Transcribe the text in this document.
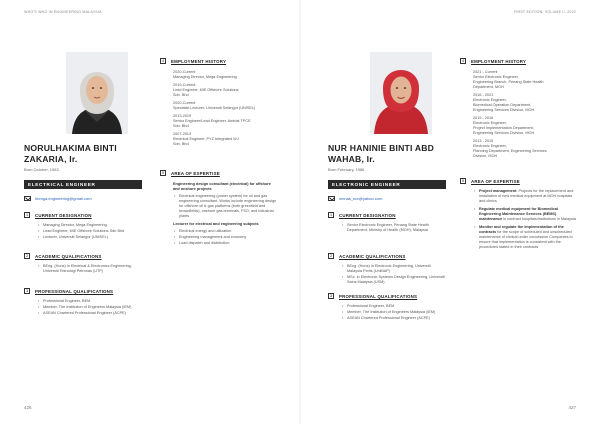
WHO'S WHO IN ENGINEERING MALAYSIA
NORULHAKIMA BINTI ZAKARIA, Ir.
Born October, 1983
ELECTRICAL ENGINEER
hbmga.engineering@gmail.com
1	CURRENT DESIGNATION
• Managing Director, Mega Engineering
• Lead Engineer, MIE Offshore Solutions Sdn Bhd
• Lecturer, Universiti Selangor (UNISEL)
2	ACADEMIC QUALIFICATIONS
• BEng. (Hons) in Electrical & Electronics Engineering, Universiti Teknologi Petronas (UTP)
3	PROFESSIONAL QUALIFICATIONS
• Professional Engineer, BEM
• Member, The Institution of Engineers Malaysia (IEM)
• ASEAN Chartered Professional Engineer (ACPE)
4	EMPLOYMENT HISTORY
2020-Current
Managing Director, Mega Engineering
2019-Current
Lead Engineer, MIE Offshore Solutions
Sdn. Bhd
2020-Current
Specialist Lecturer, Universiti Selangor (UNISEL)
2013-2019
Senior Engineer/Lead Engineer, Amirlat TPCE
Sdn. Bhd
2007-2013
Electrical Engineer, PYZ Integrated WJ
Sdn. Bhd
5	AREA OF EXPERTISE
Engineering design consultant (electrical) for offshore and onshore projects
• Electrical engineering (power system) for oil and gas engineering consultant. Works include engineering design for offshore oil & gas platforms (both greenfield and brownfields), onshore gas terminals, FSO, and industrial plants
Lecturer for electrical and engineering subjects
• Electrical energy and utilization
• Engineering management and economy
• Load dispatch and distribution
426
FIRST EDITION, VOLUME II, 2022
NUR HANINIE BINTI ABD WAHAB, Ir.
Born February, 1986
ELECTRONIC ENGINEER
ninnas_nur@yahoo.com
1	CURRENT DESIGNATION
• Senior Electronic Engineer, Penang State Health Department, Ministry of Health (MOH), Malaysia
2	ACADEMIC QUALIFICATIONS
• BEng. (Hons) in Electronic Engineering, Universiti Malaysia Perlis (UniMAP)
• MSc. in Electronic Systems Design Engineering, Universiti Sains Malaysia (USM)
3	PROFESSIONAL QUALIFICATIONS
• Professional Engineer, BEM
• Member, The Institution of Engineers Malaysia (IEM)
• ASEAN Chartered Professional Engineer (ACPE)
4	EMPLOYMENT HISTORY
2021 - Current
Senior Electronic Engineer,
Engineering Branch, Penang State Health
Department, MOH
2016 - 2021
Electronic Engineer,
Biomedical Operation Department,
Engineering Services Division, MOH
2015 - 2016
Electronic Engineer,
Project Implementation Department,
Engineering Services Division, MOH
2013 - 2015
Electronic Engineer,
Planning Department, Engineering Services
Division, MOH
5	AREA OF EXPERTISE
• Project management: Projects for the replacement and installation of new medical equipment at MOH hospitals and clinics
• Regulate medical equipment for Biomedical Engineering Maintenance Services (BEMS) maintenance in contract hospitals/institutions in Malaysia
• Monitor and regulate the implementation of the contracts for the scope of scheduled and unscheduled maintenance of clinical under concession Companies to ensure that implementation is consistent with the procedures stated in their contracts
427
